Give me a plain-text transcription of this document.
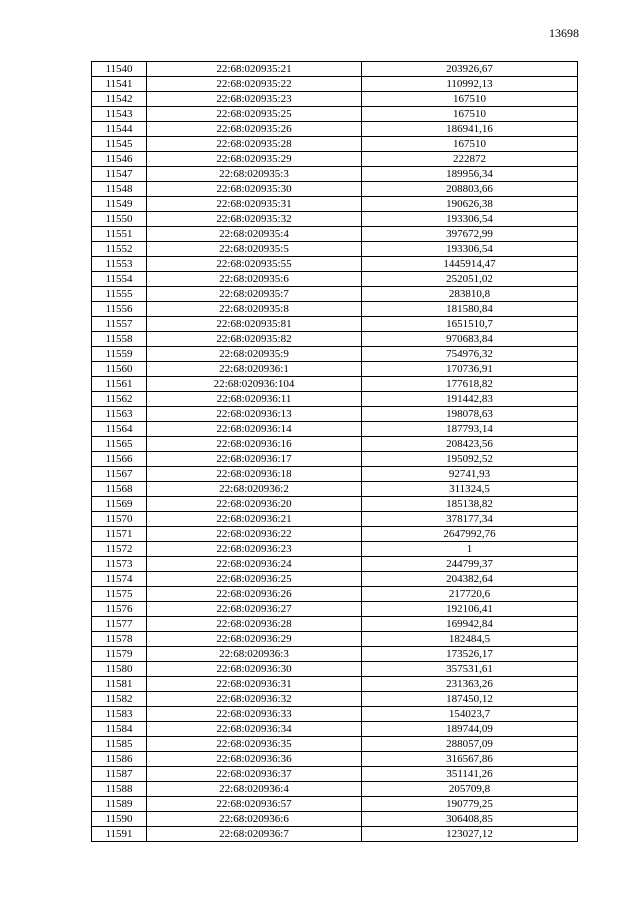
13698
11540	22:68:020935:21	203926,67
11541	22:68:020935:22	110992,13
11542	22:68:020935:23	167510
11543	22:68:020935:25	167510
11544	22:68:020935:26	186941,16
11545	22:68:020935:28	167510
11546	22:68:020935:29	222872
11547	22:68:020935:3	189956,34
11548	22:68:020935:30	208803,66
11549	22:68:020935:31	190626,38
11550	22:68:020935:32	193306,54
11551	22:68:020935:4	397672,99
11552	22:68:020935:5	193306,54
11553	22:68:020935:55	1445914,47
11554	22:68:020935:6	252051,02
11555	22:68:020935:7	283810,8
11556	22:68:020935:8	181580,84
11557	22:68:020935:81	1651510,7
11558	22:68:020935:82	970683,84
11559	22:68:020935:9	754976,32
11560	22:68:020936:1	170736,91
11561	22:68:020936:104	177618,82
11562	22:68:020936:11	191442,83
11563	22:68:020936:13	198078,63
11564	22:68:020936:14	187793,14
11565	22:68:020936:16	208423,56
11566	22:68:020936:17	195092,52
11567	22:68:020936:18	92741,93
11568	22:68:020936:2	311324,5
11569	22:68:020936:20	185138,82
11570	22:68:020936:21	378177,34
11571	22:68:020936:22	2647992,76
11572	22:68:020936:23	1
11573	22:68:020936:24	244799,37
11574	22:68:020936:25	204382,64
11575	22:68:020936:26	217720,6
11576	22:68:020936:27	192106,41
11577	22:68:020936:28	169942,84
11578	22:68:020936:29	182484,5
11579	22:68:020936:3	173526,17
11580	22:68:020936:30	357531,61
11581	22:68:020936:31	231363,26
11582	22:68:020936:32	187450,12
11583	22:68:020936:33	154023,7
11584	22:68:020936:34	189744,09
11585	22:68:020936:35	288057,09
11586	22:68:020936:36	316567,86
11587	22:68:020936:37	351141,26
11588	22:68:020936:4	205709,8
11589	22:68:020936:57	190779,25
11590	22:68:020936:6	306408,85
11591	22:68:020936:7	123027,12
